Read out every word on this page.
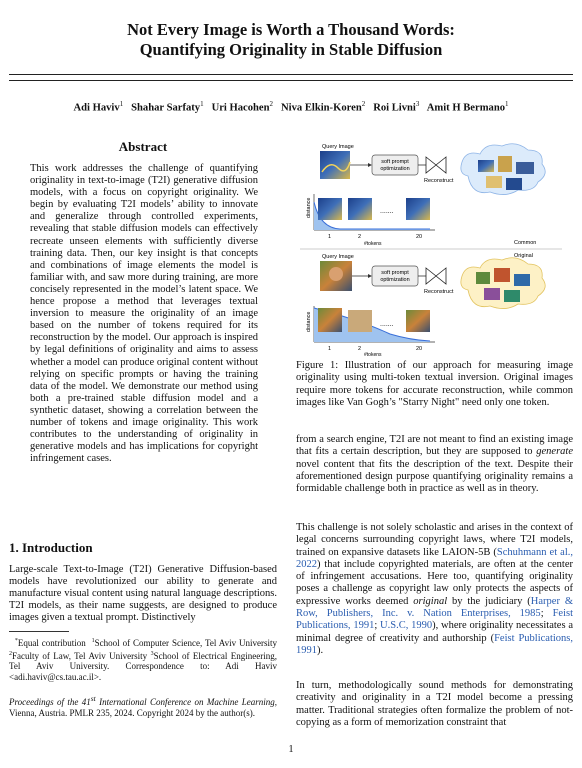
Not Every Image is Worth a Thousand Words:
Quantifying Originality in Stable Diffusion
Adi Haviv$^1$ Shahar Sarfaty$^1$ Uri Hacohen$^2$ Niva Elkin-Koren$^2$ Roi Livni$^3$ Amit H Bermano$^1$
Abstract
This work addresses the challenge of quantifying originality in text-to-image (T2I) generative diffusion models, with a focus on copyright originality. We begin by evaluating T2I models’ ability to innovate and generalize through controlled experiments, revealing that stable diffusion models can effectively recreate unseen elements with sufficiently diverse training data. Then, our key insight is that concepts and combinations of image elements the model is familiar with, and saw more during training, are more concisely represented in the model’s latent space. We hence propose a method that leverages textual inversion to measure the originality of an image based on the number of tokens required for its reconstruction by the model. Our approach is inspired by legal definitions of originality and aims to assess whether a model can produce original content without relying on specific prompts or having the training data of the model. We demonstrate our method using both a pre-trained stable diffusion model and a synthetic dataset, showing a correlation between the number of tokens and image originality. This work contributes to the understanding of originality in generative models and has implications for copyright infringement cases.
1. Introduction
Large-scale Text-to-Image (T2I) Generative Diffusion-based models have revolutionized our ability to generate and manufacture visual content using natural language descriptions. T2I models, as their name suggests, are designed to produce images given a textual prompt. Distinctively
*Equal contribution $^1$School of Computer Science, Tel Aviv University $^2$Faculty of Law, Tel Aviv University $^3$School of Electrical Engineering, Tel Aviv University. Correspondence to: Adi Haviv <adi.haviv@cs.tau.ac.il>.
Proceedings of the 41st International Conference on Machine Learning, Vienna, Austria. PMLR 235, 2024. Copyright 2024 by the author(s).
1
Query Image
soft prompt
optimization
Reconstruct
Common
distance	.......
1	2	20
#tokens
Original
Query Image
soft prompt
optimization
Reconstruct
distance	.......
1	2	20
#tokens
Figure 1: Illustration of our approach for measuring image originality using multi-token textual inversion. Original images require more tokens for accurate reconstruction, while common images like Van Gogh’s "Starry Night" need only one token.
from a search engine, T2I are not meant to find an existing image that fits a certain description, but they are supposed to generate novel content that fits the description of the text. Despite their aforementioned design purpose quantifying originality remains a formidable challenge both in practice as well as in theory.
This challenge is not solely scholastic and arises in the context of legal concerns surrounding copyright laws, where T2I models, trained on expansive datasets like LAION-5B (Schuhmann et al., 2022) that include copyrighted materials, are often at the center of infringement accusations. Here too, quantifying originality poses a challenge as copyright law only protects the aspects of expressive works deemed original by the judiciary (Harper & Row, Publishers, Inc. v. Nation Enterprises, 1985; Feist Publications, 1991; U.S.C, 1990), where originality necessitates a minimal degree of creativity and authorship (Feist Publications, 1991).
In turn, methodologically sound methods for demonstrating creativity and originality in a T2I model become a pressing matter. Traditional strategies often formalize the problem of not-copying as a form of memorization constraint that
